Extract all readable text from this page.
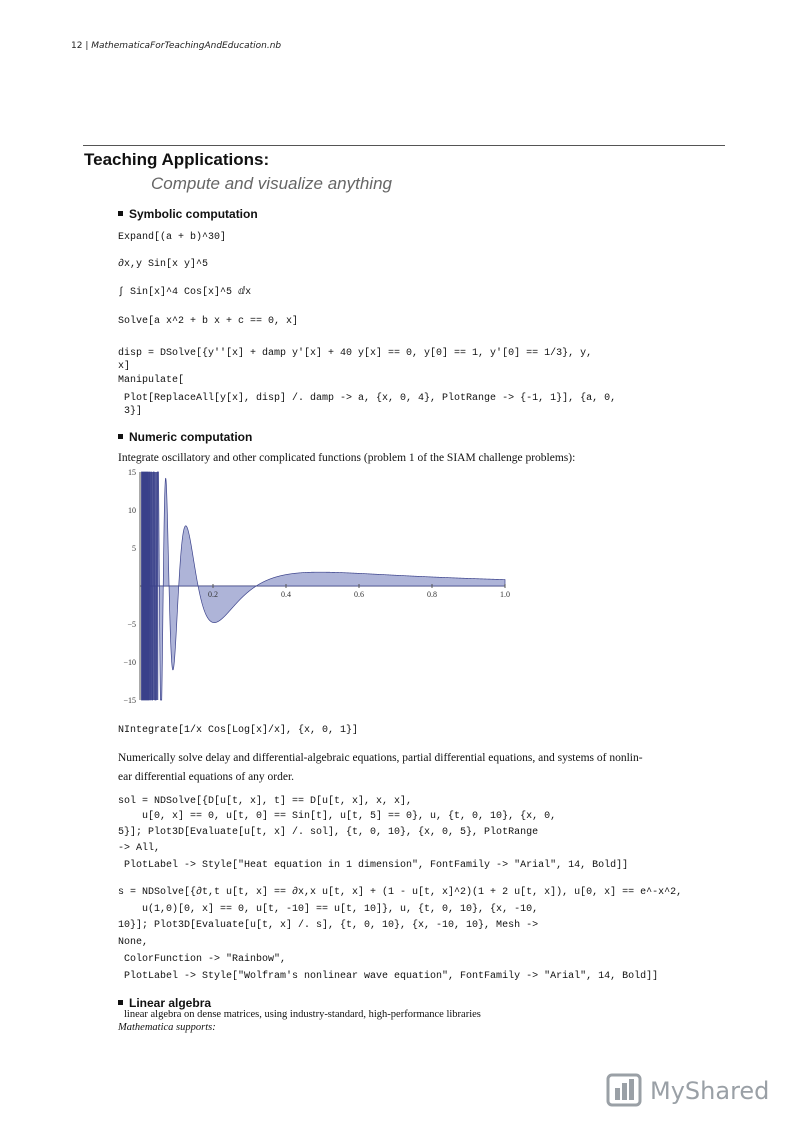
12 | MathematicaForTeachingAndEducation.nb
Teaching Applications:
Compute and visualize anything
Symbolic computation
Expand[(a + b)^30]
∂x,y Sin[x y]^5
∫ Sin[x]^4 Cos[x]^5 ⅆx
Solve[a x^2 + b x + c == 0, x]
disp = DSolve[{y''[x] + damp y'[x] + 40 y[x] == 0, y[0] == 1, y'[0] == 1/3}, y,
x]
Manipulate[
Plot[ReplaceAll[y[x], disp] /. damp -> a, {x, 0, 4}, PlotRange -> {-1, 1}], {a, 0,
3}]
Numeric computation
Integrate oscillatory and other complicated functions (problem 1 of the SIAM challenge problems):
0.2	0.4	0.6	0.8	1.0
15
10
5
−5
−10
−15
NIntegrate[1/x Cos[Log[x]/x], {x, 0, 1}]
Numerically solve delay and differential-algebraic equations, partial differential equations, and systems of nonlin-
ear differential equations of any order.
sol = NDSolve[{D[u[t, x], t] == D[u[t, x], x, x],
u[0, x] == 0, u[t, 0] == Sin[t], u[t, 5] == 0}, u, {t, 0, 10}, {x, 0,
5}]; Plot3D[Evaluate[u[t, x] /. sol], {t, 0, 10}, {x, 0, 5}, PlotRange
-> All,
PlotLabel -> Style["Heat equation in 1 dimension", FontFamily -> "Arial", 14, Bold]]
s = NDSolve[{∂t,t u[t, x] == ∂x,x u[t, x] + (1 - u[t, x]^2)(1 + 2 u[t, x]), u[0, x] == e^-x^2,
u(1,0)[0, x] == 0, u[t, -10] == u[t, 10]}, u, {t, 0, 10}, {x, -10,
10}]; Plot3D[Evaluate[u[t, x] /. s], {t, 0, 10}, {x, -10, 10}, Mesh ->
None,
ColorFunction -> "Rainbow",
PlotLabel -> Style["Wolfram's nonlinear wave equation", FontFamily -> "Arial", 14, Bold]]
Linear algebra
linear algebra on dense matrices, using industry-standard, high-performance libraries
Mathematica supports:
MyShared
